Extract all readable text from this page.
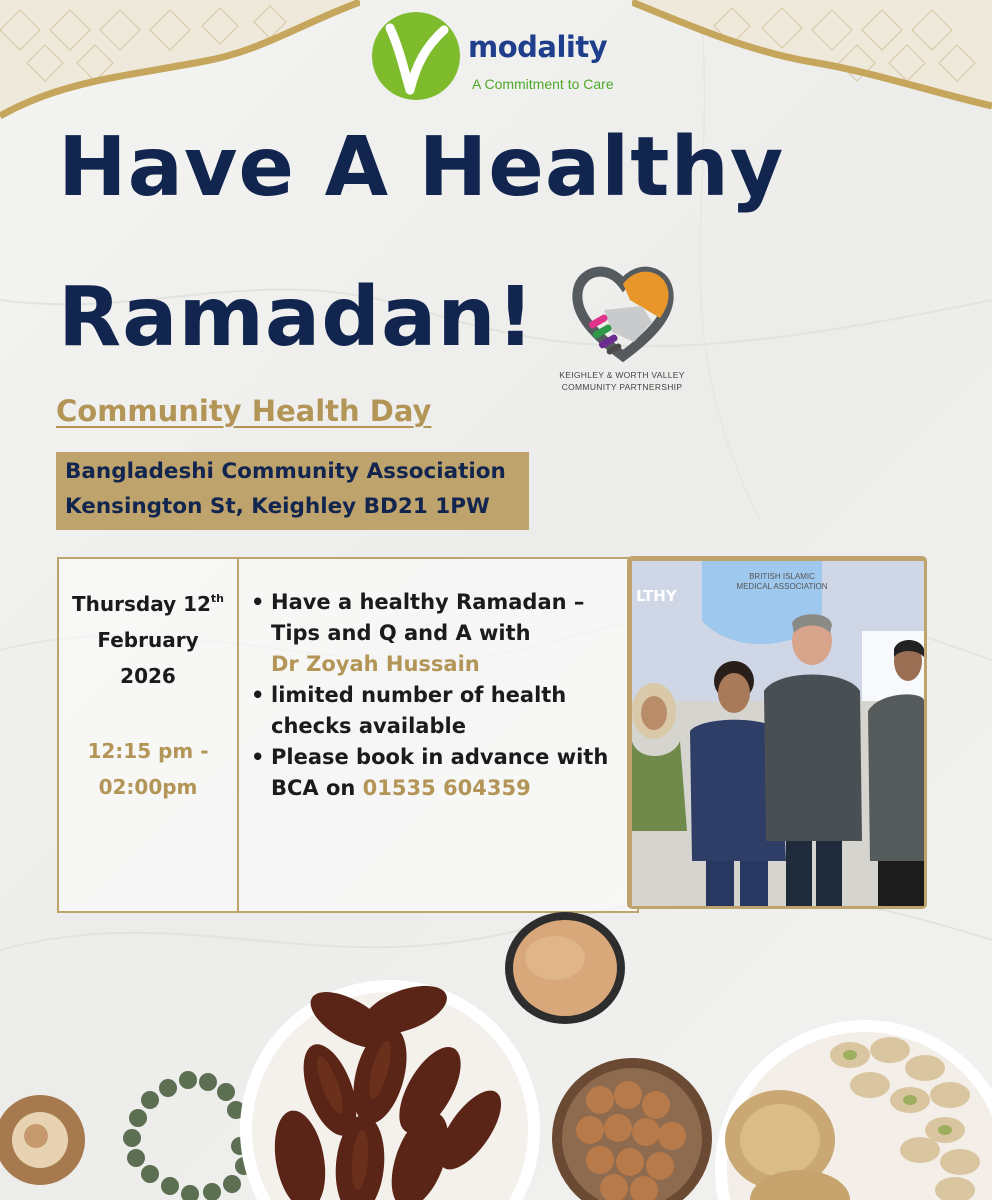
modality
A Commitment to Care
Have A Healthy
Ramadan!
KEIGHLEY & WORTH VALLEY
COMMUNITY PARTNERSHIP
Community Health Day
Bangladeshi Community Association
Kensington St, Keighley BD21 1PW
Thursday 12th
February
2026
12:15 pm -
02:00pm
• Have a healthy Ramadan – Tips and Q and A with
Dr Zoyah Hussain
• limited number of health checks available
• Please book in advance with BCA on 01535 604359
LTHY
BRITISH ISLAMIC
MEDICAL ASSOCIATION
